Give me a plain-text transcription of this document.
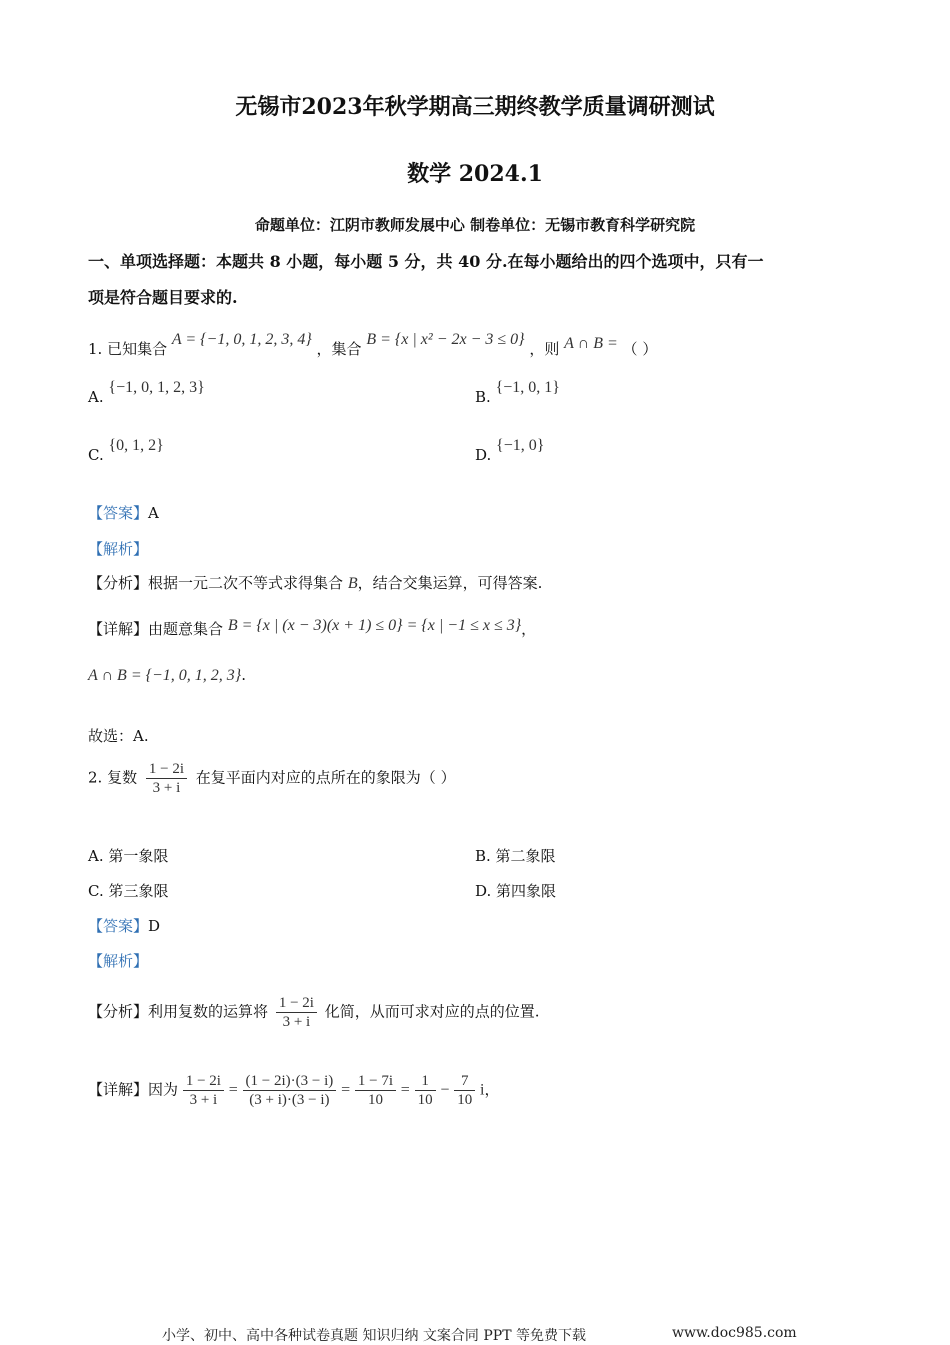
无锡市2023年秋学期高三期终教学质量调研测试
数学 2024.1
命题单位：江阴市教师发展中心 制卷单位：无锡市教育科学研究院
一、单项选择题：本题共 8 小题，每小题 5 分，共 40 分.在每小题给出的四个选项中，只有一
项是符合题目要求的.
1. 已知集合 A = {−1, 0, 1, 2, 3, 4} ，集合 B = {x | x² − 2x − 3 ≤ 0} ，则 A ∩ B = （ ）
A. {−1, 0, 1, 2, 3}
B. {−1, 0, 1}
C. {0, 1, 2}
D. {−1, 0}
【答案】A
【解析】
【分析】根据一元二次不等式求得集合 B，结合交集运算，可得答案.
【详解】由题意集合 B = {x | (x − 3)(x + 1) ≤ 0} = {x | −1 ≤ x ≤ 3}，
A ∩ B = {−1, 0, 1, 2, 3}.
故选：A.
2. 复数 $\frac{1 - 2i}{3 + i}$ 在复平面内对应的点所在的象限为（ ）
A. 第一象限	B. 第二象限
C. 笫三象限	D. 第四象限
【答案】D
【解析】
【分析】利用复数的运算将 $\frac{1 - 2i}{3 + i}$ 化简，从而可求对应的点的位置.
【详解】因为 $\frac{1 - 2i}{3 + i} = \frac{(1 - 2i)\cdot(3 - i)}{(3 + i)\cdot(3 - i)} = \frac{1 - 7i}{10} = \frac{1}{10} - \frac{7}{10}$ i，
小学、初中、高中各种试卷真题 知识归纳 文案合同 PPT 等免费下载	www.doc985.com
